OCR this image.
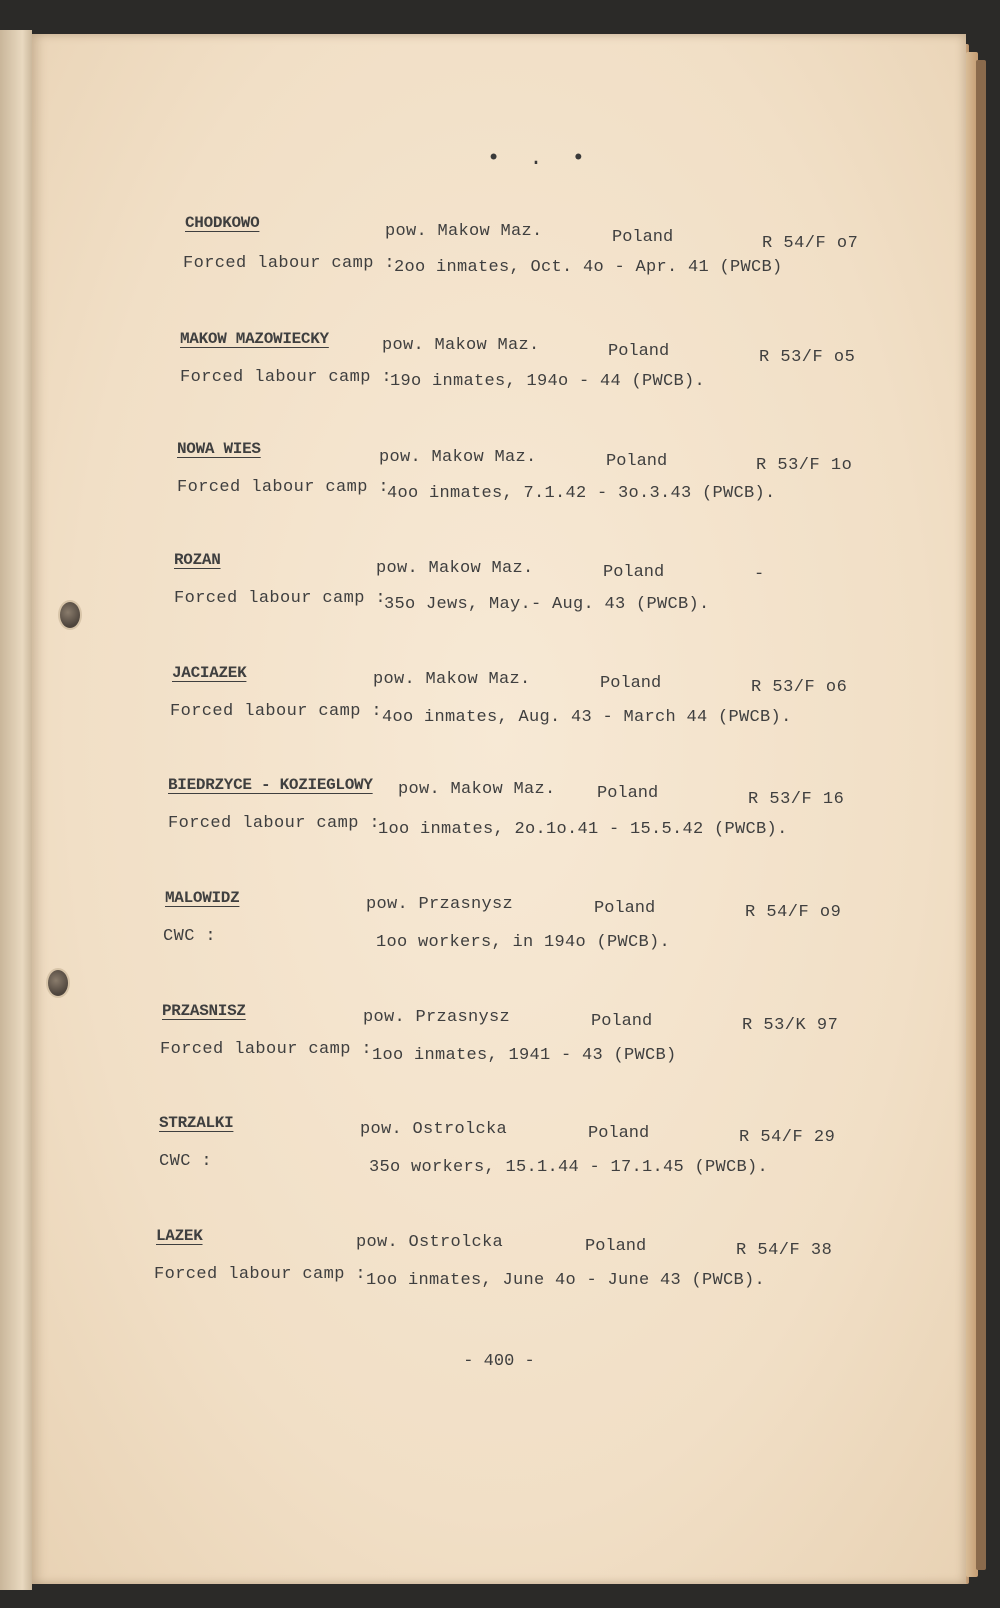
• . •
CHODKOWO	pow. Makow Maz.	Poland	R 54/F o7
Forced labour camp :
2oo inmates, Oct. 4o - Apr. 41 (PWCB)
MAKOW MAZOWIECKY	pow. Makow Maz.	Poland	R 53/F o5
Forced labour camp :
19o inmates, 194o - 44 (PWCB).
NOWA WIES	pow. Makow Maz.	Poland	R 53/F 1o
Forced labour camp :
4oo inmates, 7.1.42 - 3o.3.43 (PWCB).
ROZAN	pow. Makow Maz.	Poland	-
Forced labour camp :
35o Jews, May.- Aug. 43 (PWCB).
JACIAZEK	pow. Makow Maz.	Poland	R 53/F o6
Forced labour camp : 4oo inmates, Aug. 43 - March 44 (PWCB).
BIEDRZYCE - KOZIEGLOWY pow. Makow Maz. Poland	R 53/F 16
Forced labour camp :
1oo inmates, 2o.1o.41 - 15.5.42 (PWCB).
MALOWIDZ	pow. Przasnysz	Poland	R 54/F o9
CWC :	1oo workers, in 194o (PWCB).
PRZASNISZ	pow. Przasnysz	Poland	R 53/K 97
Forced labour camp : 1oo inmates, 1941 - 43 (PWCB)
STRZALKI	pow. Ostrolcka	Poland	R 54/F 29
CWC :	35o workers, 15.1.44 - 17.1.45 (PWCB).
LAZEK	pow. Ostrolcka	Poland	R 54/F 38
Forced labour camp : 1oo inmates, June 4o - June 43 (PWCB).
- 400 -
